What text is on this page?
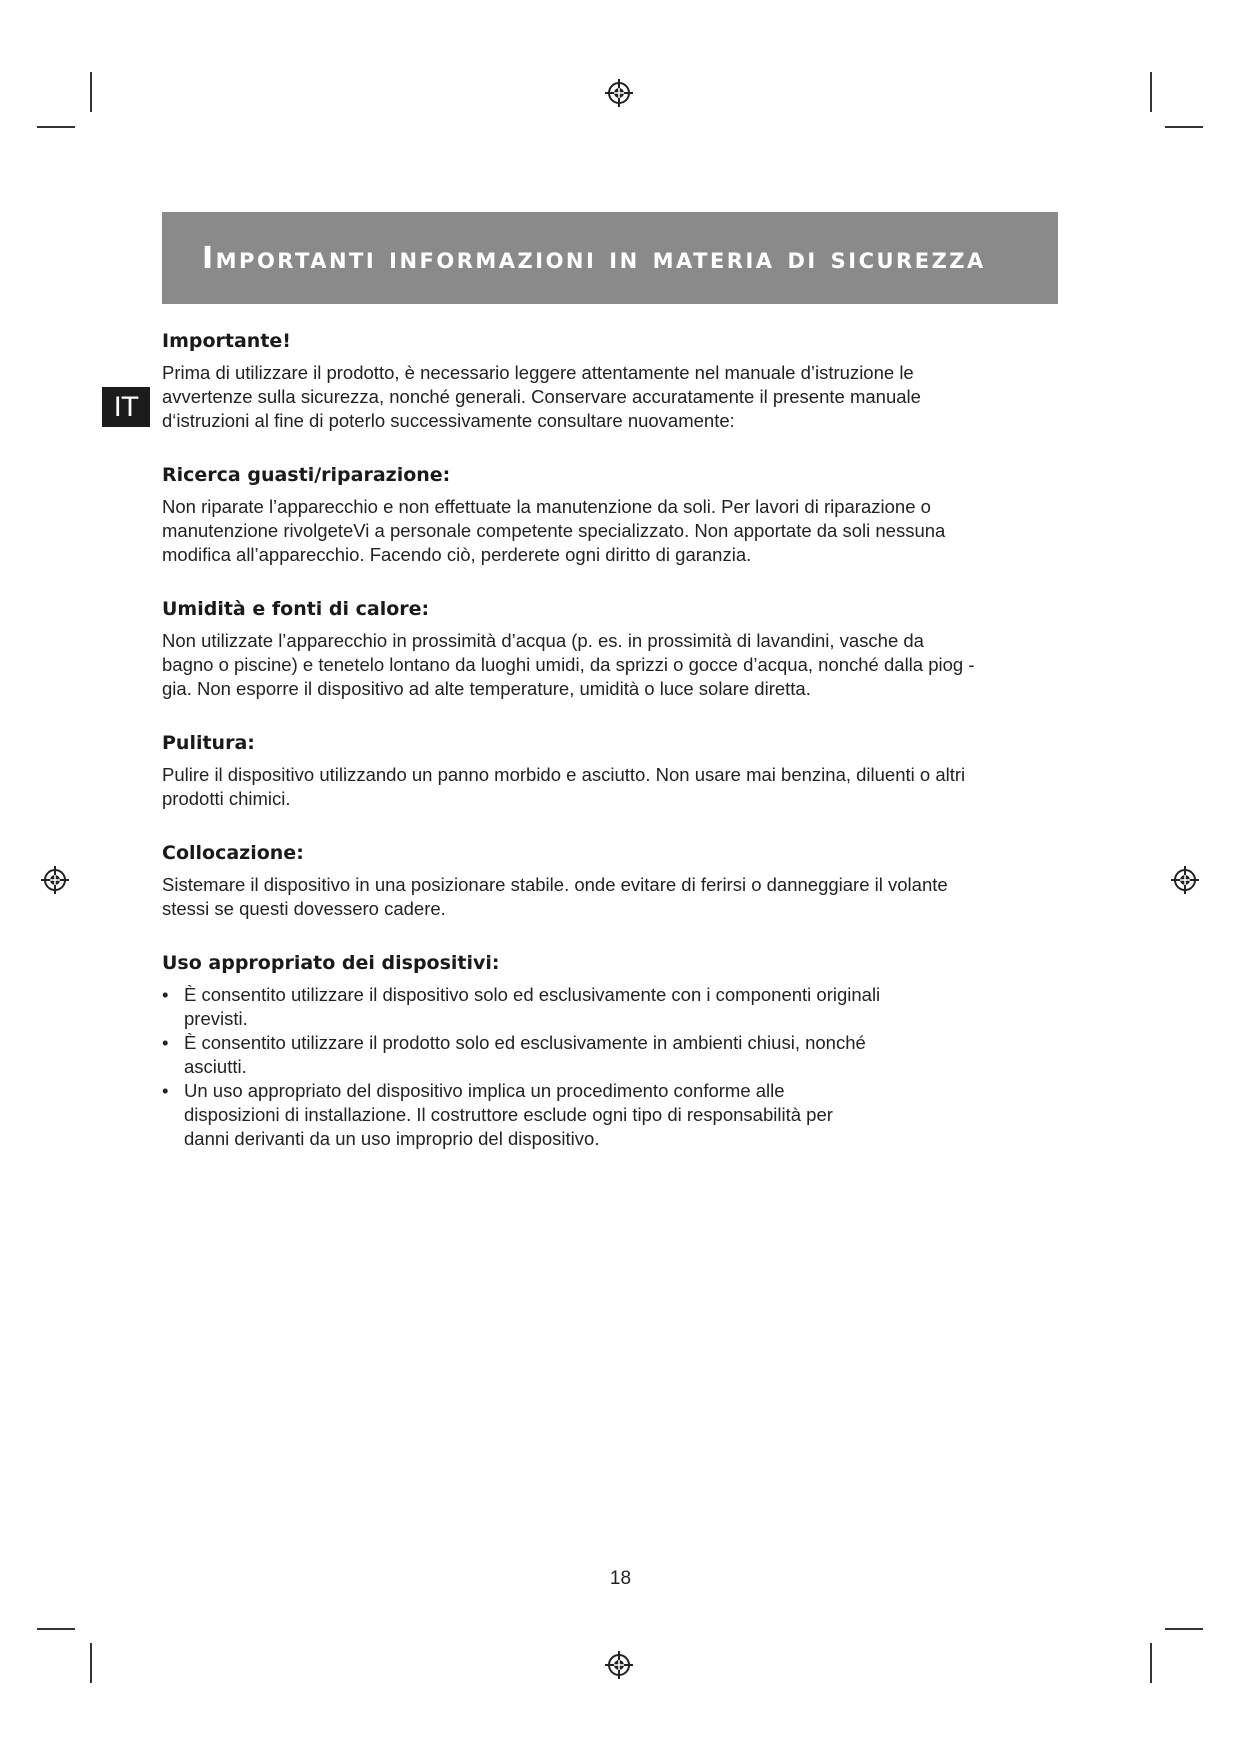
Importanti informazioni in materia di sicurezza
IT
Importante!

Prima di utilizzare il prodotto, è necessario leggere attentamente nel manuale d’istruzione le
avvertenze sulla sicurezza, nonché generali. Conservare accuratamente il presente manuale
d‘istruzioni al fine di poterlo successivamente consultare nuovamente:

Ricerca guasti/riparazione:

Non riparate l’apparecchio e non effettuate la manutenzione da soli. Per lavori di riparazione o
manutenzione rivolgeteVi a personale competente specializzato. Non apportate da soli nessuna
modifica all’apparecchio. Facendo ciò, perderete ogni diritto di garanzia.

Umidità e fonti di calore:

Non utilizzate l’apparecchio in prossimità d’acqua (p. es. in prossimità di lavandini, vasche da
bagno o piscine) e tenetelo lontano da luoghi umidi, da sprizzi o gocce d’acqua, nonché dalla piog -
gia. Non esporre il dispositivo ad alte temperature, umidità o luce solare diretta.

Pulitura:

Pulire il dispositivo utilizzando un panno morbido e asciutto. Non usare mai benzina, diluenti o altri
prodotti chimici.

Collocazione:

Sistemare il dispositivo in una posizionare stabile. onde evitare di ferirsi o danneggiare il volante
stessi se questi dovessero cadere.

Uso appropriato dei dispositivi:
• È consentito utilizzare il dispositivo solo ed esclusivamente con i componenti originali previsti.
• È consentito utilizzare il prodotto solo ed esclusivamente in ambienti chiusi, nonché asciutti.
• Un uso appropriato del dispositivo implica un procedimento conforme alle disposizioni di installazione. Il costruttore esclude ogni tipo di responsabilità per danni derivanti da un uso improprio del dispositivo.
18
